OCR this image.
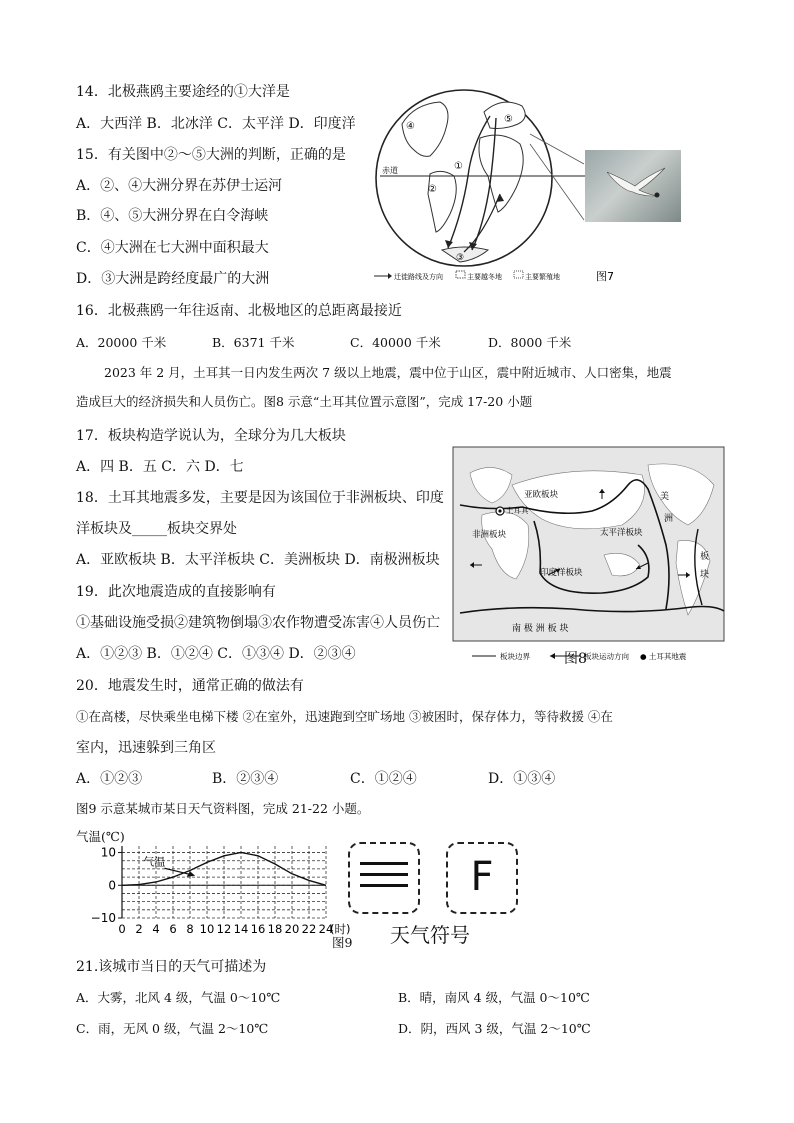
14．北极燕鸥主要途经的①大洋是
A．大西洋 B．北冰洋 C．太平洋 D．印度洋
15．有关图中②～⑤大洲的判断，正确的是
A．②、④大洲分界在苏伊士运河
B．④、⑤大洲分界在白令海峡
C．④大洲在七大洲中面积最大
D．③大洲是跨经度最广的大洲
赤道
④
①
②
⑤
③
迁徙路线及方向	主要越冬地	主要繁殖地	图7
16．北极燕鸥一年往返南、北极地区的总距离最接近
A．20000 千米	B．6371 千米	C．40000 千米	D．8000 千米
2023 年 2 月，土耳其一日内发生两次 7 级以上地震，震中位于山区，震中附近城市、人口密集，地震
造成巨大的经济损失和人员伤亡。图8 示意“土耳其位置示意图”，完成 17-20 小题
17．板块构造学说认为，全球分为几大板块
A．四 B．五 C．六 D．七
18．土耳其地震多发，主要是因为该国位于非洲板块、印度
洋板块及_____板块交界处
A．亚欧板块 B．太平洋板块 C．美洲板块 D．南极洲板块
19．此次地震造成的直接影响有
①基础设施受损②建筑物倒塌③农作物遭受冻害④人员伤亡
A．①②③ B．①②④ C．①③④ D．②③④
亚欧板块
土耳其
非洲板块	太平洋板块
印度洋板块
美
洲
板
块
南 极 洲 板 块
板块边界	板块运动方向 ● 土耳其地震
图8
20．地震发生时，通常正确的做法有
①在高楼，尽快乘坐电梯下楼 ②在室外，迅速跑到空旷场地 ③被困时，保存体力，等待救援 ④在
室内，迅速躲到三角区
A．①②③	B．②③④	C．①②④	D．①③④
图9 示意某城市某日天气资料图，完成 21-22 小题。
气温(℃)
10
0
−10
0 2 4 6 8 10 12 14 16 18 20 22 24
(时)
气温
图9
F
天气符号
21.该城市当日的天气可描述为
A．大雾，北风 4 级，气温 0～10℃	B．晴，南风 4 级，气温 0～10℃
C．雨，无风 0 级，气温 2～10℃	D．阴，西风 3 级，气温 2～10℃
